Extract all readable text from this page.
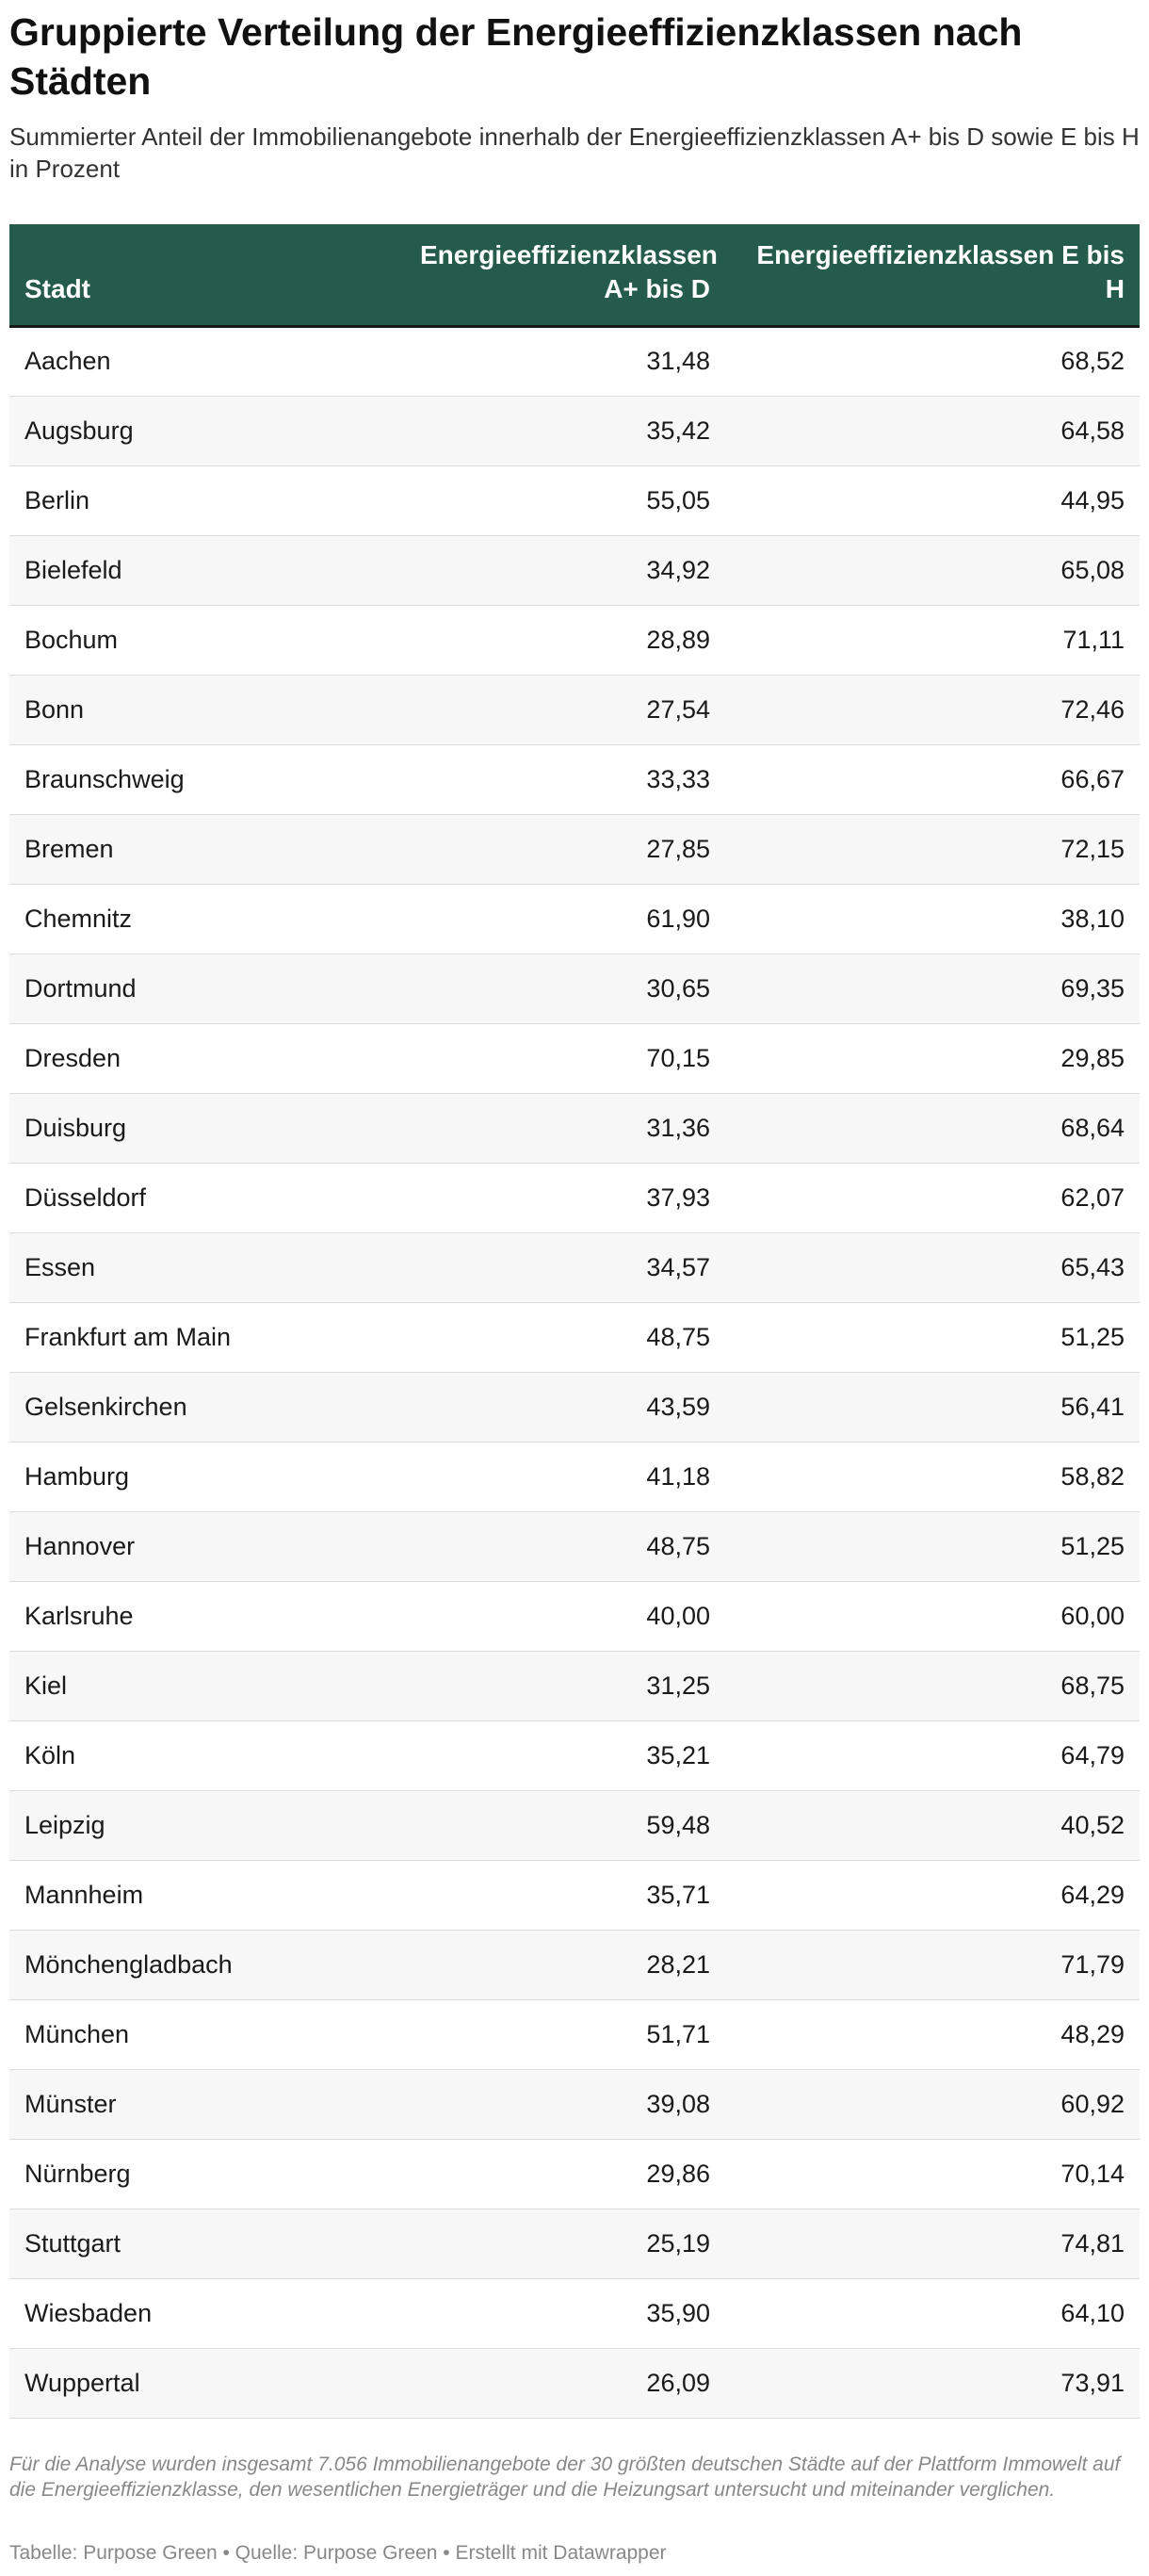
Gruppierte Verteilung der Energieeffizienzklassen nach Städten

Summierter Anteil der Immobilienangebote innerhalb der Energieeffizienzklassen A+ bis D sowie E bis H in Prozent

Stadt	Energieeffizienzklassen A+ bis D	Energieeffizienzklassen E bis H
Aachen	31,48	68,52
Augsburg	35,42	64,58
Berlin	55,05	44,95
Bielefeld	34,92	65,08
Bochum	28,89	71,11
Bonn	27,54	72,46
Braunschweig	33,33	66,67
Bremen	27,85	72,15
Chemnitz	61,90	38,10
Dortmund	30,65	69,35
Dresden	70,15	29,85
Duisburg	31,36	68,64
Düsseldorf	37,93	62,07
Essen	34,57	65,43
Frankfurt am Main	48,75	51,25
Gelsenkirchen	43,59	56,41
Hamburg	41,18	58,82
Hannover	48,75	51,25
Karlsruhe	40,00	60,00
Kiel	31,25	68,75
Köln	35,21	64,79
Leipzig	59,48	40,52
Mannheim	35,71	64,29
Mönchengladbach	28,21	71,79
München	51,71	48,29
Münster	39,08	60,92
Nürnberg	29,86	70,14
Stuttgart	25,19	74,81
Wiesbaden	35,90	64,10
Wuppertal	26,09	73,91

Für die Analyse wurden insgesamt 7.056 Immobilienangebote der 30 größten deutschen Städte auf der Plattform Immowelt auf die Energieeffizienzklasse, den wesentlichen Energieträger und die Heizungsart untersucht und miteinander verglichen.

Tabelle: Purpose Green • Quelle: Purpose Green • Erstellt mit Datawrapper
